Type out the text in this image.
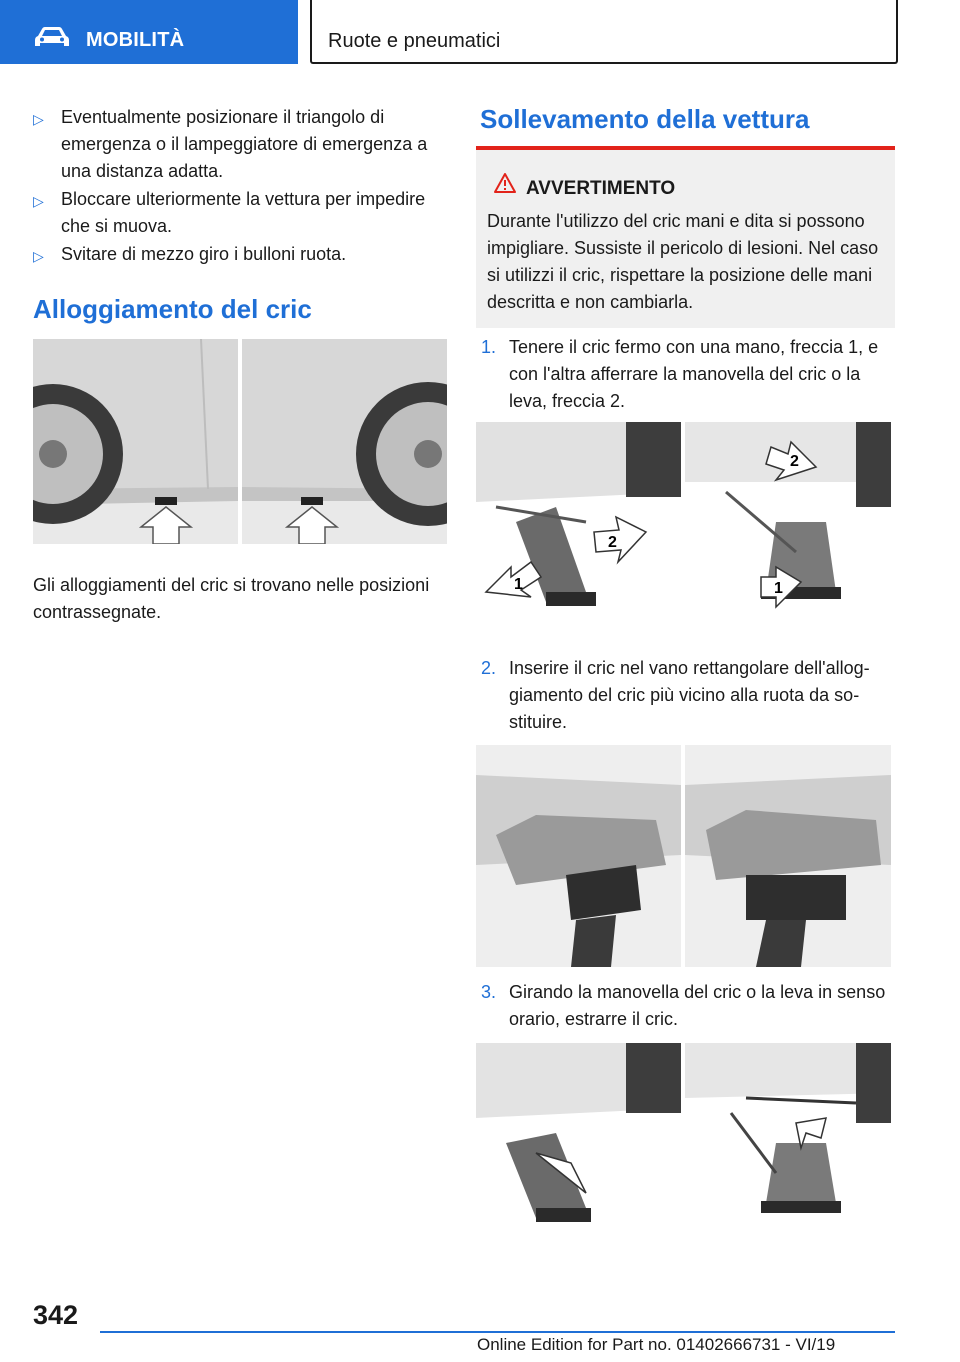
MOBILITÀ	Ruote e pneumatici
▷ Eventualmente posizionare il triangolo di emergenza o il lampeggiatore di emergenza a una distanza adatta.
▷ Bloccare ulteriormente la vettura per impedire che si muova.
▷ Svitare di mezzo giro i bulloni ruota.
Alloggiamento del cric
Gli alloggiamenti del cric si trovano nelle posizioni contrassegnate.
Sollevamento della vettura
AVVERTIMENTO
Durante l'utilizzo del cric mani e dita si possono impigliare. Sussiste il pericolo di lesioni. Nel caso si utilizzi il cric, rispettare la posizione delle mani descritta e non cambiarla.
1. Tenere il cric fermo con una mano, freccia 1, e con l'altra afferrare la manovella del cric o la leva, freccia 2.
1
2
2
1
2. Inserire il cric nel vano rettangolare dell'allog-giamento del cric più vicino alla ruota da so-stituire.
3. Girando la manovella del cric o la leva in senso orario, estrarre il cric.
342
Online Edition for Part no. 01402666731 - VI/19
